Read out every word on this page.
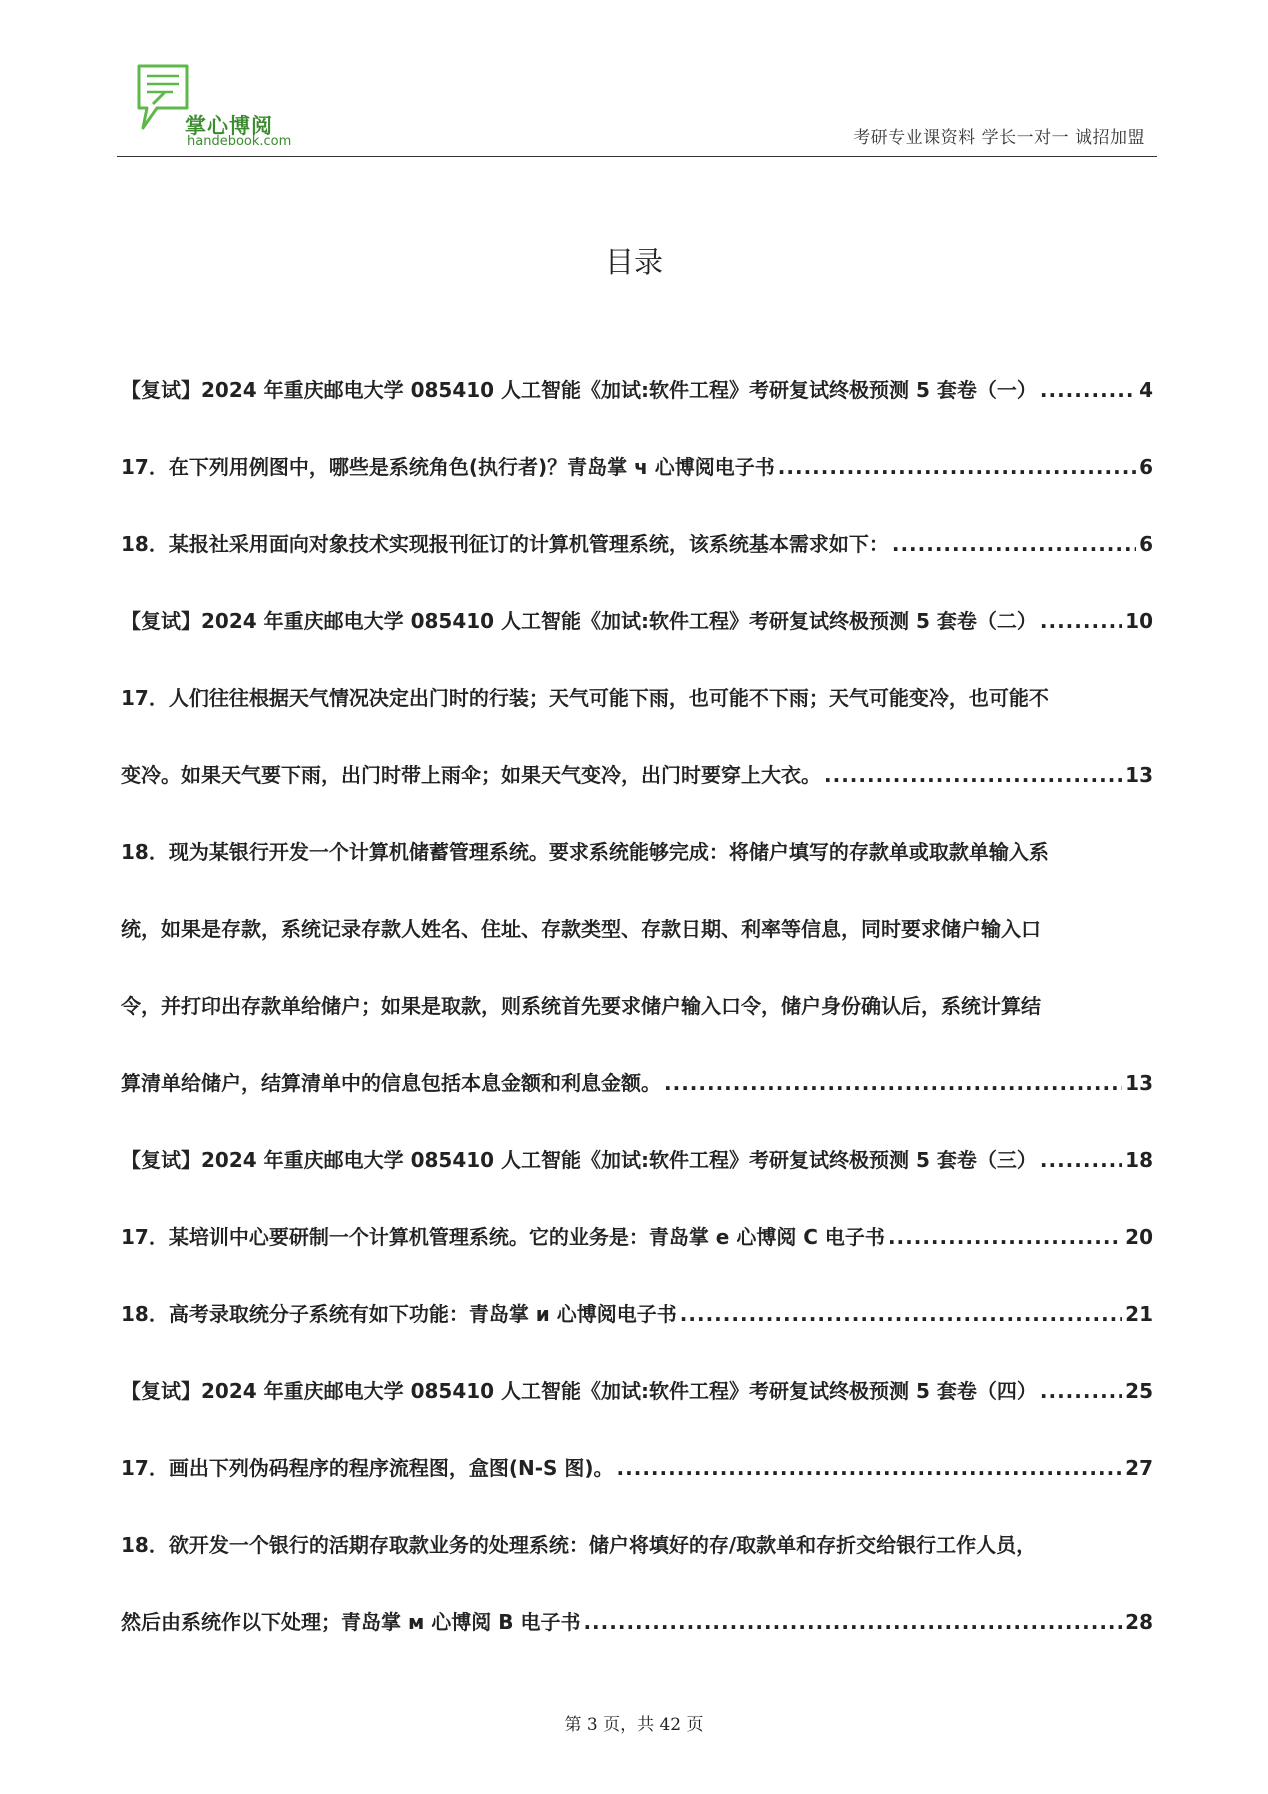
掌心博阅
handebook.com	考研专业课资料 学长一对一 诚招加盟
目录
【复试】2024 年重庆邮电大学 085410 人工智能《加试:软件工程》考研复试终极预测 5 套卷（一） .....	4
17．在下列用例图中，哪些是系统角色(执行者)？青岛掌 ч 心博阅电子书 .....	6
18．某报社采用面向对象技术实现报刊征订的计算机管理系统，该系统基本需求如下： .....	6
【复试】2024 年重庆邮电大学 085410 人工智能《加试:软件工程》考研复试终极预测 5 套卷（二） .....	10
17．人们往往根据天气情况决定出门时的行装；天气可能下雨，也可能不下雨；天气可能变冷，也可能不
变冷。如果天气要下雨，出门时带上雨伞；如果天气变冷，出门时要穿上大衣。 .....	13
18．现为某银行开发一个计算机储蓄管理系统。要求系统能够完成：将储户填写的存款单或取款单输入系
统，如果是存款，系统记录存款人姓名、住址、存款类型、存款日期、利率等信息，同时要求储户输入口
令，并打印出存款单给储户；如果是取款，则系统首先要求储户输入口令，储户身份确认后，系统计算结
算清单给储户，结算清单中的信息包括本息金额和利息金额。 .....	13
【复试】2024 年重庆邮电大学 085410 人工智能《加试:软件工程》考研复试终极预测 5 套卷（三） .....	18
17．某培训中心要研制一个计算机管理系统。它的业务是：青岛掌 e 心博阅 C 电子书 .....	20
18．高考录取统分子系统有如下功能：青岛掌 и 心博阅电子书 .....	21
【复试】2024 年重庆邮电大学 085410 人工智能《加试:软件工程》考研复试终极预测 5 套卷（四） .....	25
17．画出下列伪码程序的程序流程图，盒图(N-S 图)。 .....	27
18．欲开发一个银行的活期存取款业务的处理系统：储户将填好的存/取款单和存折交给银行工作人员，
然后由系统作以下处理；青岛掌 м 心博阅 B 电子书 .....	28
第 3 页，共 42 页
